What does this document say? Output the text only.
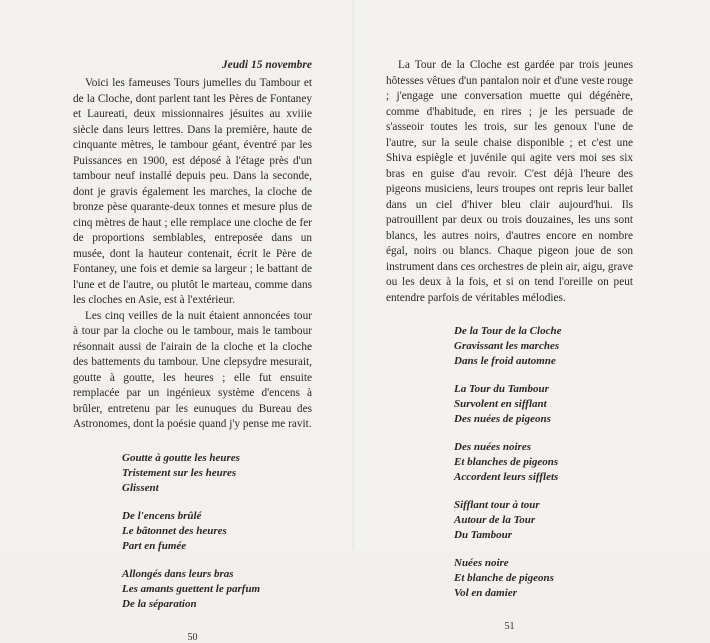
Jeudi 15 novembre

Voici les fameuses Tours jumelles du Tambour et de la Cloche, dont parlent tant les Pères de Fontaney et Laureati, deux missionnaires jésuites au xviiie siècle dans leurs lettres. Dans la première, haute de cinquante mètres, le tambour géant, éventré par les Puissances en 1900, est déposé à l'étage près d'un tambour neuf installé depuis peu. Dans la seconde, dont je gravis également les marches, la cloche de bronze pèse quarante-deux tonnes et mesure plus de cinq mètres de haut ; elle remplace une cloche de fer de proportions semblables, entreposée dans un musée, dont la hauteur contenait, écrit le Père de Fontaney, une fois et demie sa largeur ; le battant de l'une et de l'autre, ou plutôt le marteau, comme dans les cloches en Asie, est à l'extérieur.

Les cinq veilles de la nuit étaient annoncées tour à tour par la cloche ou le tambour, mais le tambour résonnait aussi de l'airain de la cloche et la cloche des battements du tambour. Une clepsydre mesurait, goutte à goutte, les heures ; elle fut ensuite remplacée par un ingénieux système d'encens à brûler, entretenu par les eunuques du Bureau des Astronomes, dont la poésie quand j'y pense me ravit.

Goutte à goutte les heures
Tristement sur les heures
Glissent
De l'encens brûlé
Le bâtonnet des heures
Part en fumée
Allongés dans leurs bras
Les amants guettent le parfum
De la séparation
50

La Tour de la Cloche est gardée par trois jeunes hôtesses vêtues d'un pantalon noir et d'une veste rouge ; j'engage une conversation muette qui dégénère, comme d'habitude, en rires ; je les persuade de s'asseoir toutes les trois, sur les genoux l'une de l'autre, sur la seule chaise disponible ; et c'est une Shiva espiègle et juvénile qui agite vers moi ses six bras en guise d'au revoir. C'est déjà l'heure des pigeons musiciens, leurs troupes ont repris leur ballet dans un ciel d'hiver bleu clair aujourd'hui. Ils patrouillent par deux ou trois douzaines, les uns sont blancs, les autres noirs, d'autres encore en nombre égal, noirs ou blancs. Chaque pigeon joue de son instrument dans ces orchestres de plein air, aigu, grave ou les deux à la fois, et si on tend l'oreille on peut entendre parfois de véritables mélodies.

De la Tour de la Cloche
Gravissant les marches
Dans le froid automne
La Tour du Tambour
Survolent en sifflant
Des nuées de pigeons
Des nuées noires
Et blanches de pigeons
Accordent leurs sifflets
Sifflant tour à tour
Autour de la Tour
Du Tambour
Nuées noire
Et blanche de pigeons
Vol en damier
51
